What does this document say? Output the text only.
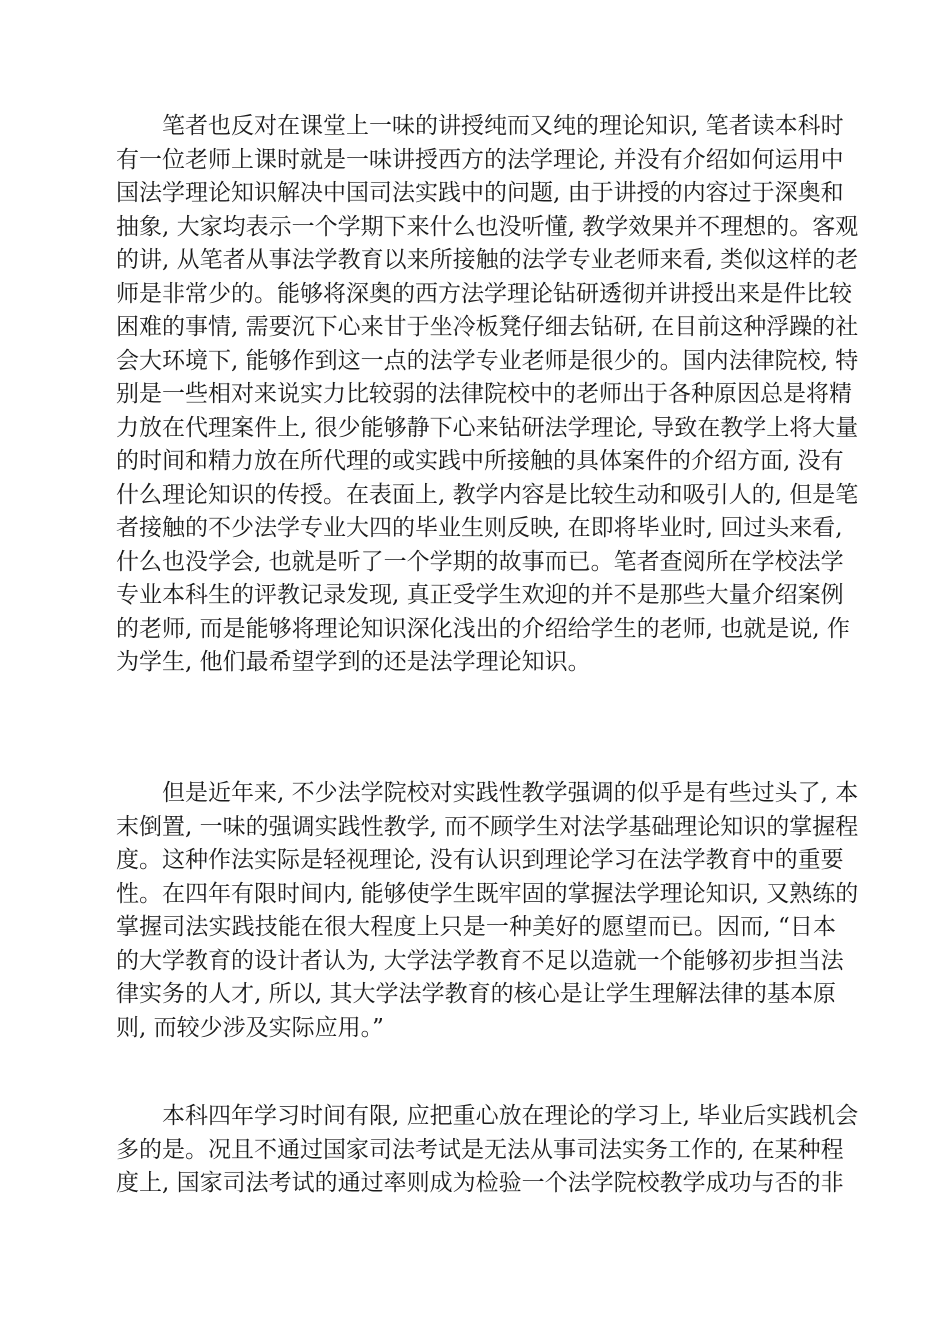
笔者也反对在课堂上一味的讲授纯而又纯的理论知识, 笔者读本科时
有一位老师上课时就是一味讲授西方的法学理论, 并没有介绍如何运用中
国法学理论知识解决中国司法实践中的问题, 由于讲授的内容过于深奥和
抽象, 大家均表示一个学期下来什么也没听懂, 教学效果并不理想的。客观
的讲, 从笔者从事法学教育以来所接触的法学专业老师来看, 类似这样的老
师是非常少的。能够将深奥的西方法学理论钻研透彻并讲授出来是件比较
困难的事情, 需要沉下心来甘于坐冷板凳仔细去钻研, 在目前这种浮躁的社
会大环境下, 能够作到这一点的法学专业老师是很少的。国内法律院校, 特
别是一些相对来说实力比较弱的法律院校中的老师出于各种原因总是将精
力放在代理案件上, 很少能够静下心来钻研法学理论, 导致在教学上将大量
的时间和精力放在所代理的或实践中所接触的具体案件的介绍方面, 没有
什么理论知识的传授。在表面上, 教学内容是比较生动和吸引人的, 但是笔
者接触的不少法学专业大四的毕业生则反映, 在即将毕业时, 回过头来看,
什么也没学会, 也就是听了一个学期的故事而已。笔者查阅所在学校法学
专业本科生的评教记录发现, 真正受学生欢迎的并不是那些大量介绍案例
的老师, 而是能够将理论知识深化浅出的介绍给学生的老师, 也就是说, 作
为学生, 他们最希望学到的还是法学理论知识。
但是近年来, 不少法学院校对实践性教学强调的似乎是有些过头了, 本
末倒置, 一味的强调实践性教学, 而不顾学生对法学基础理论知识的掌握程
度。这种作法实际是轻视理论, 没有认识到理论学习在法学教育中的重要
性。在四年有限时间内, 能够使学生既牢固的掌握法学理论知识, 又熟练的
掌握司法实践技能在很大程度上只是一种美好的愿望而已。因而, “日本
的大学教育的设计者认为, 大学法学教育不足以造就一个能够初步担当法
律实务的人才, 所以, 其大学法学教育的核心是让学生理解法律的基本原
则, 而较少涉及实际应用。”
本科四年学习时间有限, 应把重心放在理论的学习上, 毕业后实践机会
多的是。况且不通过国家司法考试是无法从事司法实务工作的, 在某种程
度上, 国家司法考试的通过率则成为检验一个法学院校教学成功与否的非
